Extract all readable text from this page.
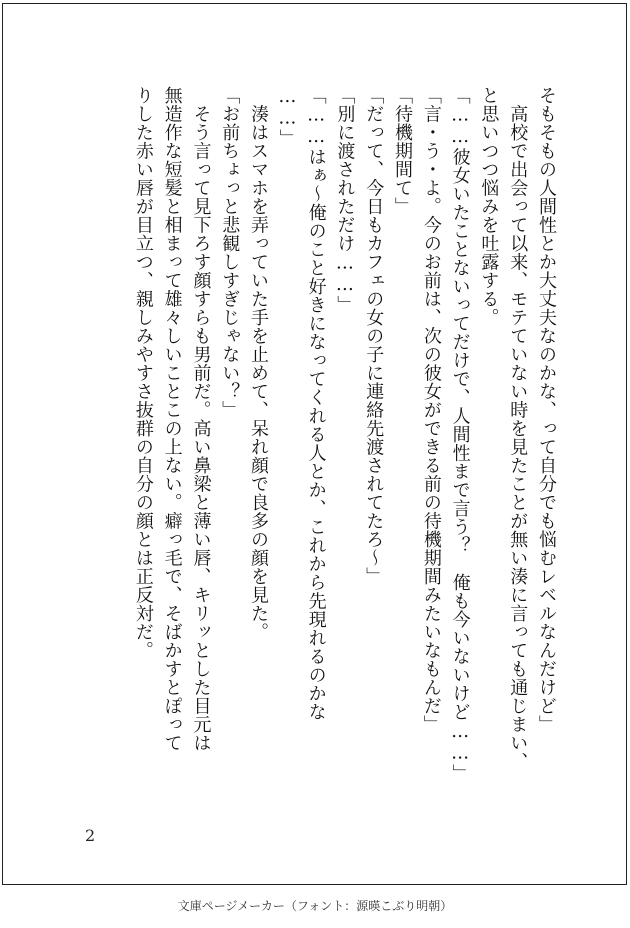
そもそもの人間性とか大丈夫なのかな、って自分でも悩むレベルなんだけど」
　高校で出会って以来、モテていない時を見たことが無い湊に言っても通じまい、
と思いつつ悩みを吐露する。
「……彼女いたことないってだけで、人間性まで言う？　俺も今いないけど……」
「言・う・よ。今のお前は、次の彼女ができる前の待機期間みたいなもんだ」
「待機期間て」
「だって、今日もカフェの女の子に連絡先渡されてたろ～」
「別に渡されただけ……」
「……はぁ～俺のこと好きになってくれる人とか、これから先現れるのかな
……」
　湊はスマホを弄っていた手を止めて、呆れ顔で良多の顔を見た。
「お前ちょっと悲観しすぎじゃない？」
　そう言って見下ろす顔すらも男前だ。高い鼻梁と薄い唇、キリッとした目元は
無造作な短髪と相まって雄々しいことこの上ない。癖っ毛で、そばかすとぽって
りした赤い唇が目立つ、親しみやすさ抜群の自分の顔とは正反対だ。
2
文庫ページメーカー（フォント：源暎こぶり明朝）
